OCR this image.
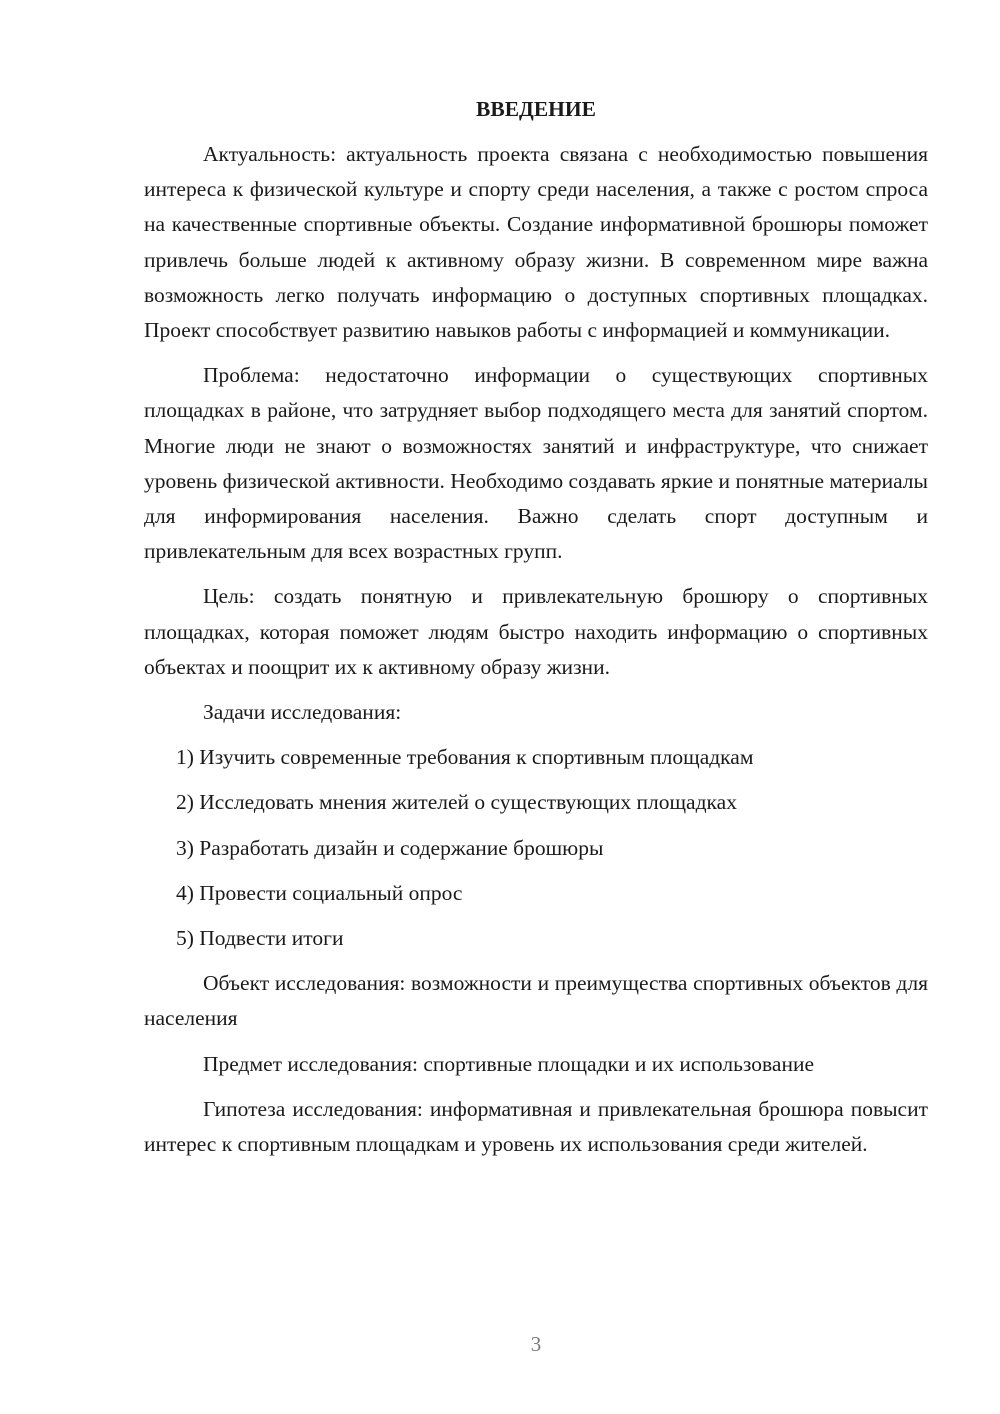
ВВЕДЕНИЕ

Актуальность: актуальность проекта связана с необходимостью повышения интереса к физической культуре и спорту среди населения, а также с ростом спроса на качественные спортивные объекты. Создание информативной брошюры поможет привлечь больше людей к активному образу жизни. В современном мире важна возможность легко получать информацию о доступных спортивных площадках. Проект способствует развитию навыков работы с информацией и коммуникации.

Проблема: недостаточно информации о существующих спортивных площадках в районе, что затрудняет выбор подходящего места для занятий спортом. Многие люди не знают о возможностях занятий и инфраструктуре, что снижает уровень физической активности. Необходимо создавать яркие и понятные материалы для информирования населения. Важно сделать спорт доступным и привлекательным для всех возрастных групп.

Цель: создать понятную и привлекательную брошюру о спортивных площадках, которая поможет людям быстро находить информацию о спортивных объектах и поощрит их к активному образу жизни.

Задачи исследования:

1) Изучить современные требования к спортивным площадкам
2) Исследовать мнения жителей о существующих площадках
3) Разработать дизайн и содержание брошюры
4) Провести социальный опрос
5) Подвести итоги

Объект исследования: возможности и преимущества спортивных объектов для населения

Предмет исследования: спортивные площадки и их использование

Гипотеза исследования: информативная и привлекательная брошюра повысит интерес к спортивным площадкам и уровень их использования среди жителей.

3
